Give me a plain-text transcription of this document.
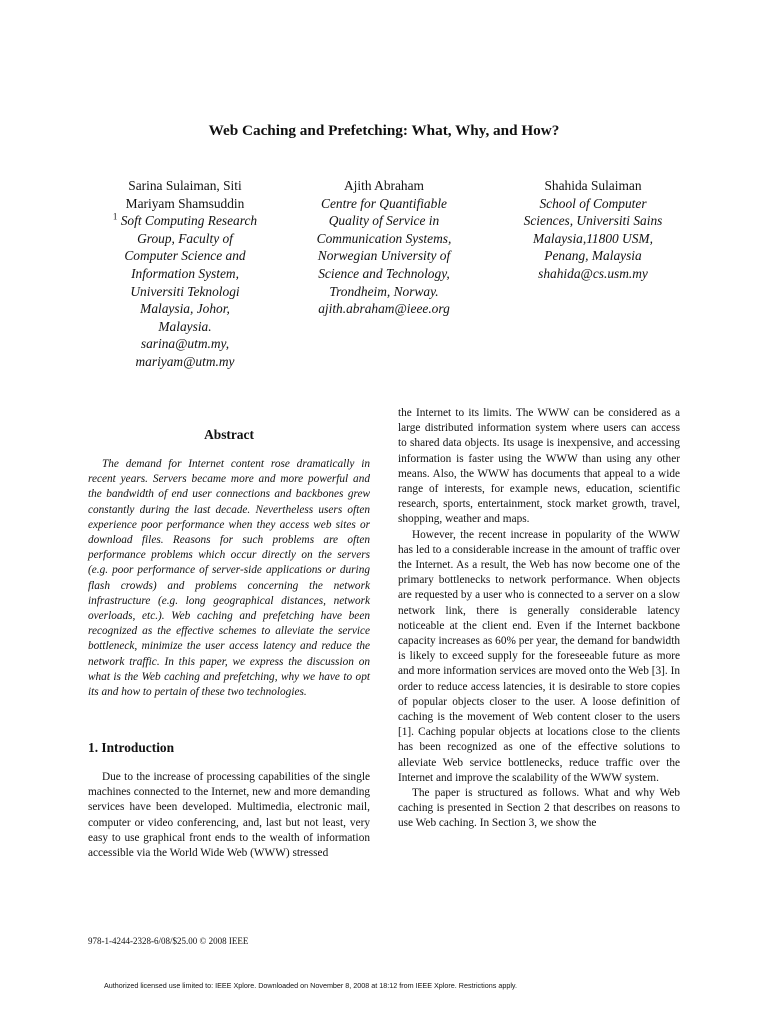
Web Caching and Prefetching: What, Why, and How?
Sarina Sulaiman, Siti
Mariyam Shamsuddin
$^1$ Soft Computing Research
Group, Faculty of
Computer Science and
Information System,
Universiti Teknologi
Malaysia, Johor,
Malaysia.
sarina@utm.my,
mariyam@utm.my
Ajith Abraham
Centre for Quantifiable
Quality of Service in
Communication Systems,
Norwegian University of
Science and Technology,
Trondheim, Norway.
ajith.abraham@ieee.org
Shahida Sulaiman
School of Computer
Sciences, Universiti Sains
Malaysia,11800 USM,
Penang, Malaysia
shahida@cs.usm.my
Abstract

The demand for Internet content rose dramatically in recent years. Servers became more and more powerful and the bandwidth of end user connections and backbones grew constantly during the last decade. Nevertheless users often experience poor performance when they access web sites or download files. Reasons for such problems are often performance problems which occur directly on the servers (e.g. poor performance of server-side applications or during flash crowds) and problems concerning the network infrastructure (e.g. long geographical distances, network overloads, etc.). Web caching and prefetching have been recognized as the effective schemes to alleviate the service bottleneck, minimize the user access latency and reduce the network traffic. In this paper, we express the discussion on what is the Web caching and prefetching, why we have to opt its and how to pertain of these two technologies.

1. Introduction

Due to the increase of processing capabilities of the single machines connected to the Internet, new and more demanding services have been developed. Multimedia, electronic mail, computer or video conferencing, and, last but not least, very easy to use graphical front ends to the wealth of information accessible via the World Wide Web (WWW) stressed

the Internet to its limits. The WWW can be considered as a large distributed information system where users can access to shared data objects. Its usage is inexpensive, and accessing information is faster using the WWW than using any other means. Also, the WWW has documents that appeal to a wide range of interests, for example news, education, scientific research, sports, entertainment, stock market growth, travel, shopping, weather and maps.

However, the recent increase in popularity of the WWW has led to a considerable increase in the amount of traffic over the Internet. As a result, the Web has now become one of the primary bottlenecks to network performance. When objects are requested by a user who is connected to a server on a slow network link, there is generally considerable latency noticeable at the client end. Even if the Internet backbone capacity increases as 60% per year, the demand for bandwidth is likely to exceed supply for the foreseeable future as more and more information services are moved onto the Web [3]. In order to reduce access latencies, it is desirable to store copies of popular objects closer to the user. A loose definition of caching is the movement of Web content closer to the users [1]. Caching popular objects at locations close to the clients has been recognized as one of the effective solutions to alleviate Web service bottlenecks, reduce traffic over the Internet and improve the scalability of the WWW system.

The paper is structured as follows. What and why Web caching is presented in Section 2 that describes on reasons to use Web caching. In Section 3, we show the

978-1-4244-2328-6/08/$25.00 © 2008 IEEE
Authorized licensed use limited to: IEEE Xplore. Downloaded on November 8, 2008 at 18:12 from IEEE Xplore. Restrictions apply.
